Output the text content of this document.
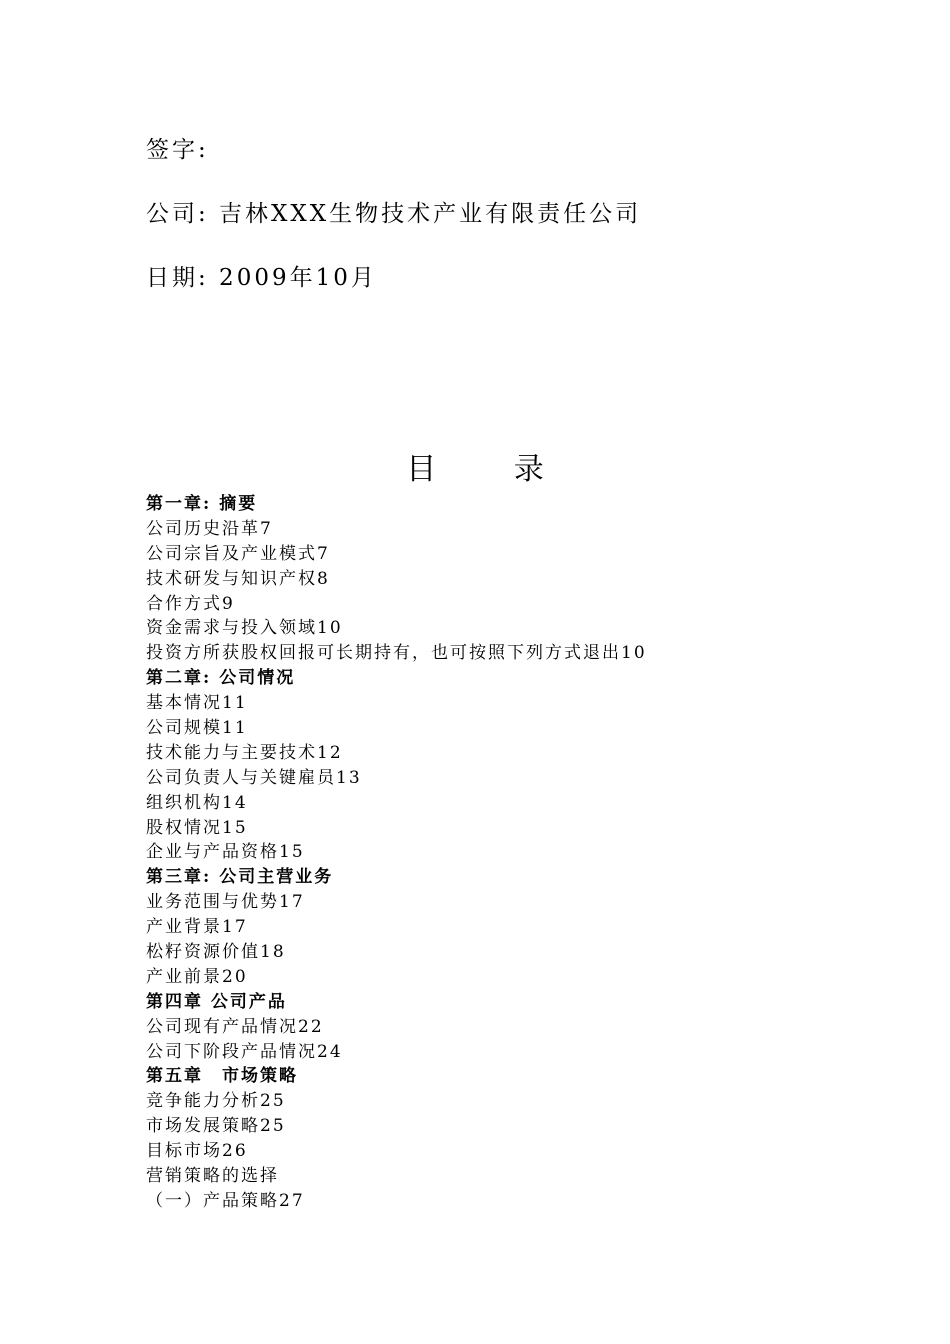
签字:
公司: 吉林XXX生物技术产业有限责任公司
日期: 2009年10月
目 录
第一章: 摘要
公司历史沿革7
公司宗旨及产业模式7
技术研发与知识产权8
合作方式9
资金需求与投入领域10
投资方所获股权回报可长期持有，也可按照下列方式退出10
第二章: 公司情况
基本情况11
公司规模11
技术能力与主要技术12
公司负责人与关键雇员13
组织机构14
股权情况15
企业与产品资格15
第三章: 公司主营业务
业务范围与优势17
产业背景17
松籽资源价值18
产业前景20
第四章 公司产品
公司现有产品情况22
公司下阶段产品情况24
第五章　市场策略
竞争能力分析25
市场发展策略25
目标市场26
营销策略的选择
（一）产品策略27
